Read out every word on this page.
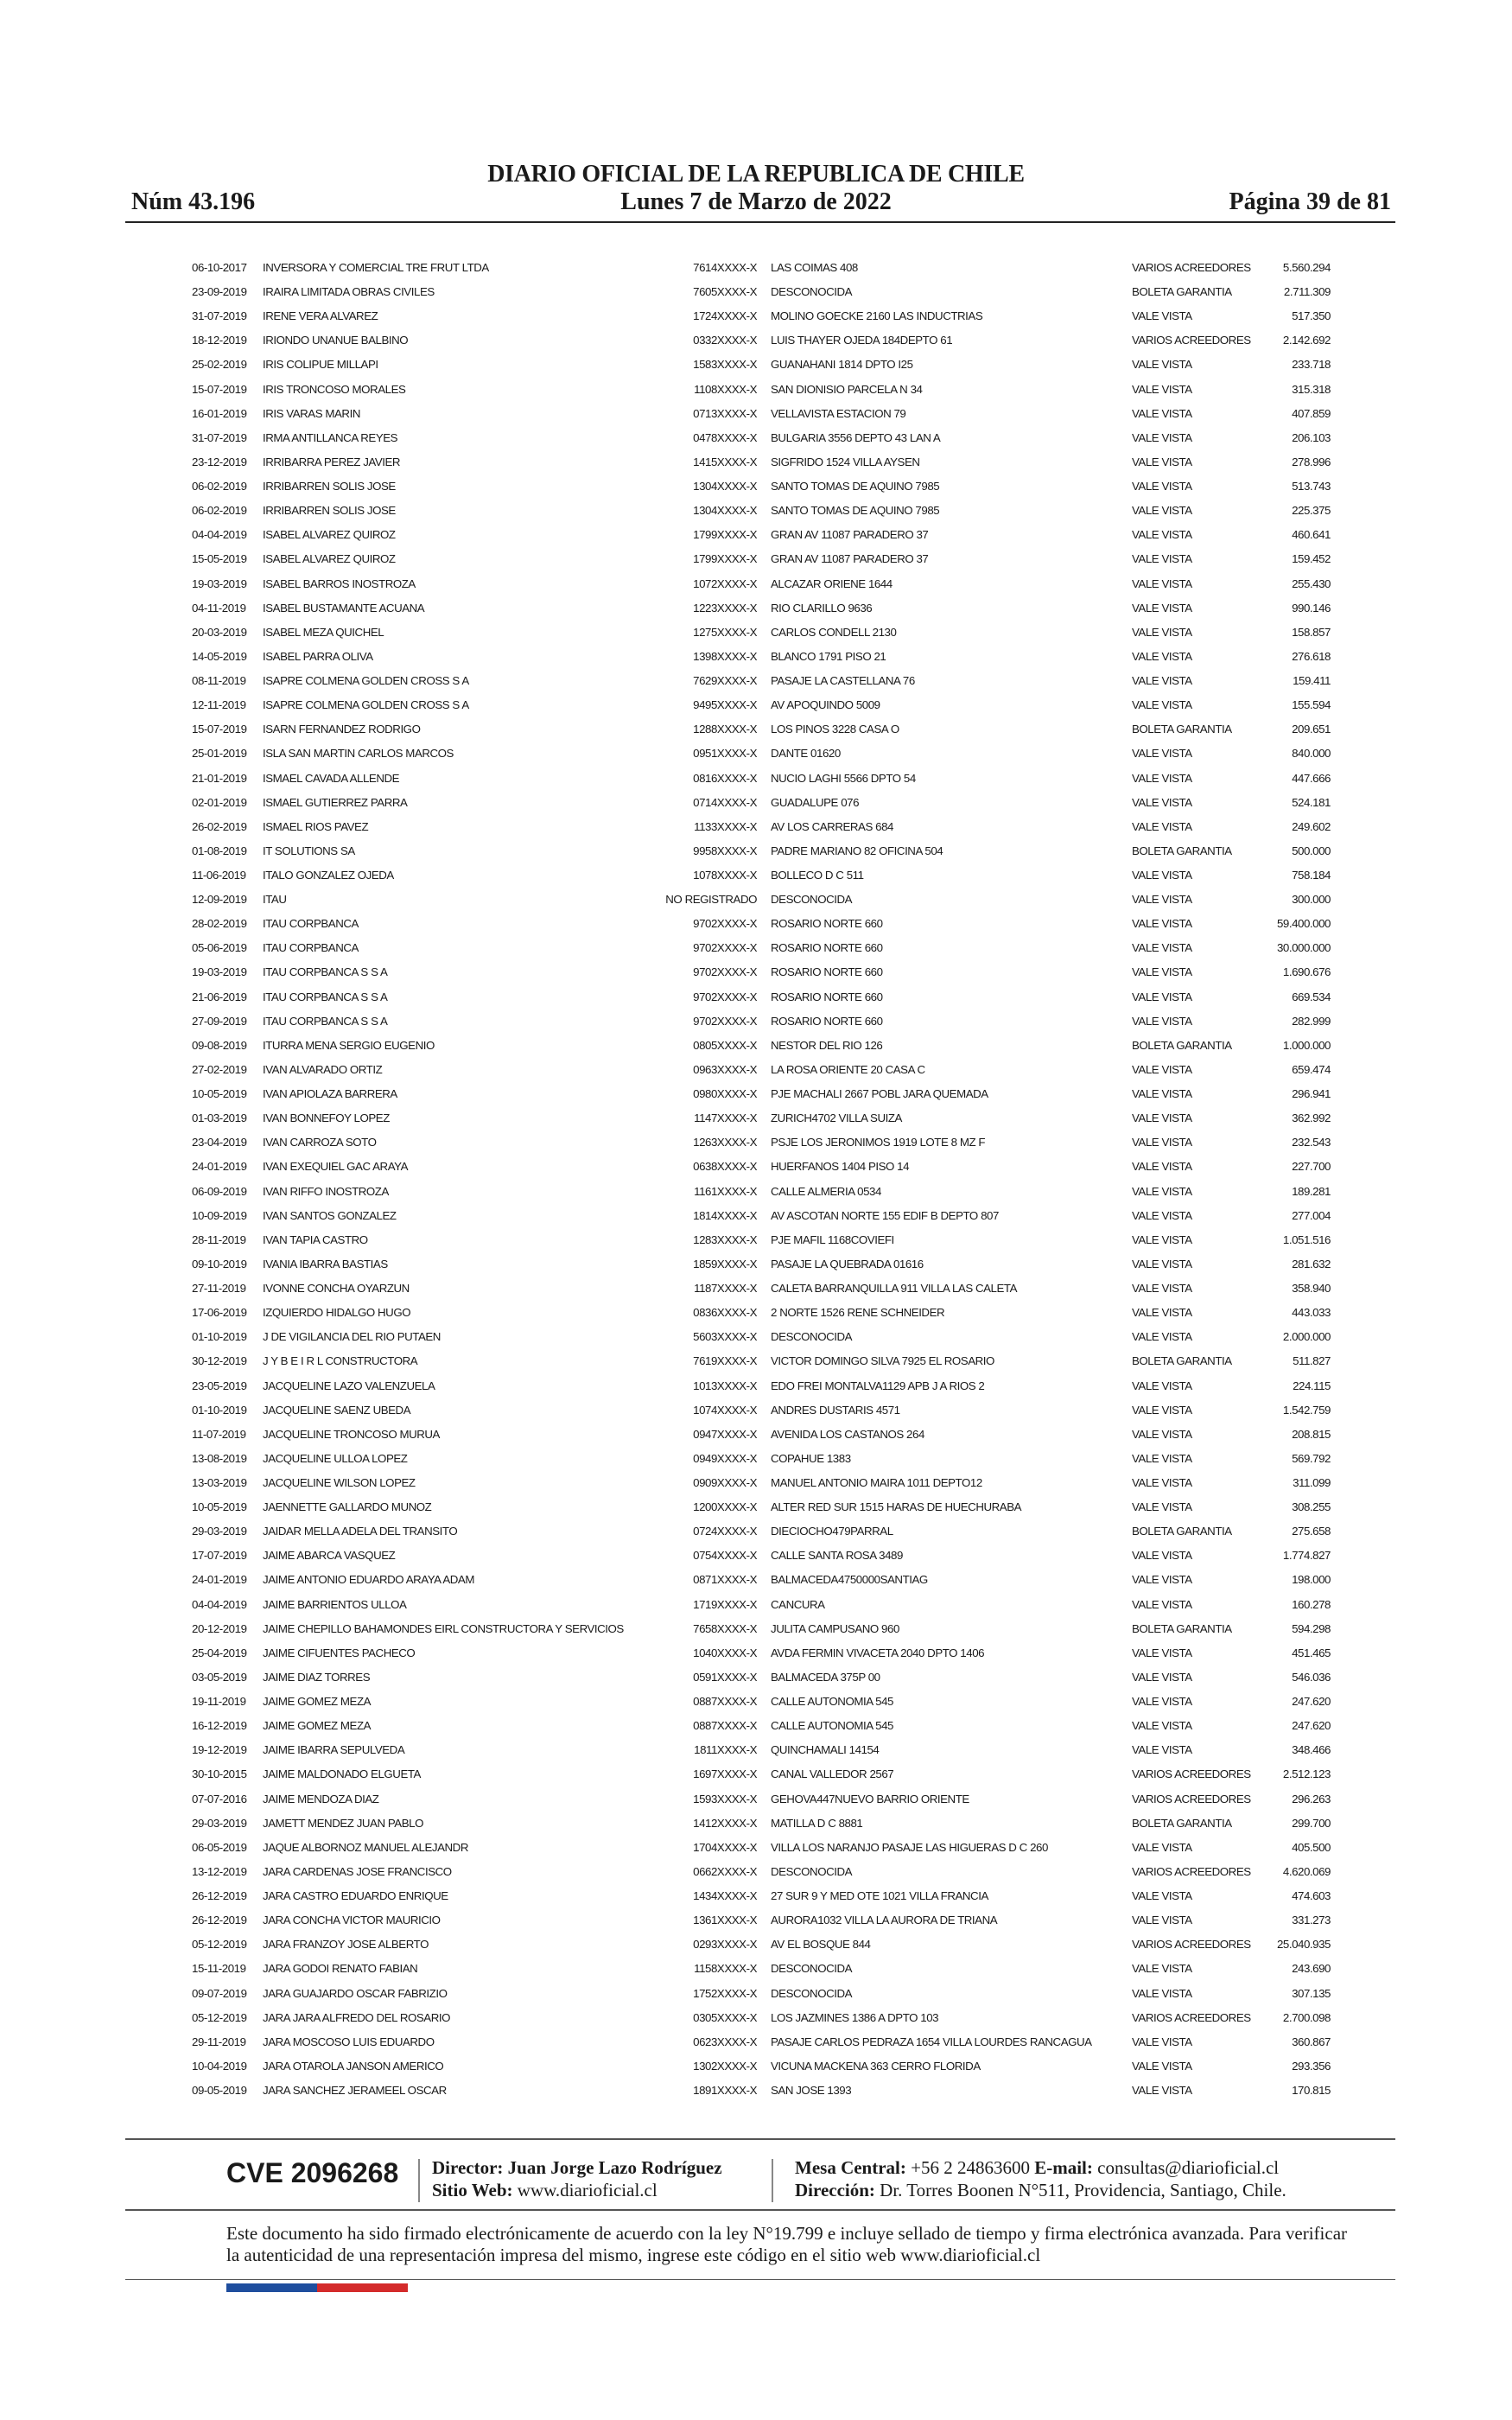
DIARIO OFICIAL DE LA REPUBLICA DE CHILE
Núm 43.196	Lunes 7 de Marzo de 2022	Página 39 de 81
06-10-2017 INVERSORA Y COMERCIAL TRE FRUT LTDA	7614XXXX-X LAS COIMAS 408	VARIOS ACREEDORES	5.560.294
23-09-2019 IRAIRA LIMITADA OBRAS CIVILES	7605XXXX-X DESCONOCIDA	BOLETA GARANTIA	2.711.309
31-07-2019 IRENE VERA ALVAREZ	1724XXXX-X MOLINO GOECKE 2160 LAS INDUCTRIAS	VALE VISTA	517.350
18-12-2019 IRIONDO UNANUE BALBINO	0332XXXX-X LUIS THAYER OJEDA 184DEPTO 61	VARIOS ACREEDORES	2.142.692
25-02-2019 IRIS COLIPUE MILLAPI	1583XXXX-X GUANAHANI 1814 DPTO I25	VALE VISTA	233.718
15-07-2019 IRIS TRONCOSO MORALES	1108XXXX-X SAN DIONISIO PARCELA N 34	VALE VISTA	315.318
16-01-2019 IRIS VARAS MARIN	0713XXXX-X VELLAVISTA ESTACION 79	VALE VISTA	407.859
31-07-2019 IRMA ANTILLANCA REYES	0478XXXX-X BULGARIA 3556 DEPTO 43 LAN A	VALE VISTA	206.103
23-12-2019 IRRIBARRA PEREZ JAVIER	1415XXXX-X SIGFRIDO 1524 VILLA AYSEN	VALE VISTA	278.996
06-02-2019 IRRIBARREN SOLIS JOSE	1304XXXX-X SANTO TOMAS DE AQUINO 7985	VALE VISTA	513.743
06-02-2019 IRRIBARREN SOLIS JOSE	1304XXXX-X SANTO TOMAS DE AQUINO 7985	VALE VISTA	225.375
04-04-2019 ISABEL ALVAREZ QUIROZ	1799XXXX-X GRAN AV 11087 PARADERO 37	VALE VISTA	460.641
15-05-2019 ISABEL ALVAREZ QUIROZ	1799XXXX-X GRAN AV 11087 PARADERO 37	VALE VISTA	159.452
19-03-2019 ISABEL BARROS INOSTROZA	1072XXXX-X ALCAZAR ORIENE 1644	VALE VISTA	255.430
04-11-2019 ISABEL BUSTAMANTE ACUANA	1223XXXX-X RIO CLARILLO 9636	VALE VISTA	990.146
20-03-2019 ISABEL MEZA QUICHEL	1275XXXX-X CARLOS CONDELL 2130	VALE VISTA	158.857
14-05-2019 ISABEL PARRA OLIVA	1398XXXX-X BLANCO 1791 PISO 21	VALE VISTA	276.618
08-11-2019 ISAPRE COLMENA GOLDEN CROSS S A	7629XXXX-X PASAJE LA CASTELLANA 76	VALE VISTA	159.411
12-11-2019 ISAPRE COLMENA GOLDEN CROSS S A	9495XXXX-X AV APOQUINDO 5009	VALE VISTA	155.594
15-07-2019 ISARN FERNANDEZ RODRIGO	1288XXXX-X LOS PINOS 3228 CASA O	BOLETA GARANTIA	209.651
25-01-2019 ISLA SAN MARTIN CARLOS MARCOS	0951XXXX-X DANTE 01620	VALE VISTA	840.000
21-01-2019 ISMAEL CAVADA ALLENDE	0816XXXX-X NUCIO LAGHI 5566 DPTO 54	VALE VISTA	447.666
02-01-2019 ISMAEL GUTIERREZ PARRA	0714XXXX-X GUADALUPE 076	VALE VISTA	524.181
26-02-2019 ISMAEL RIOS PAVEZ	1133XXXX-X AV LOS CARRERAS 684	VALE VISTA	249.602
01-08-2019 IT SOLUTIONS SA	9958XXXX-X PADRE MARIANO 82 OFICINA 504	BOLETA GARANTIA	500.000
11-06-2019 ITALO GONZALEZ OJEDA	1078XXXX-X BOLLECO D C 511	VALE VISTA	758.184
12-09-2019 ITAU	NO REGISTRADO DESCONOCIDA	VALE VISTA	300.000
28-02-2019 ITAU CORPBANCA	9702XXXX-X ROSARIO NORTE 660	VALE VISTA	59.400.000
05-06-2019 ITAU CORPBANCA	9702XXXX-X ROSARIO NORTE 660	VALE VISTA	30.000.000
19-03-2019 ITAU CORPBANCA S S A	9702XXXX-X ROSARIO NORTE 660	VALE VISTA	1.690.676
21-06-2019 ITAU CORPBANCA S S A	9702XXXX-X ROSARIO NORTE 660	VALE VISTA	669.534
27-09-2019 ITAU CORPBANCA S S A	9702XXXX-X ROSARIO NORTE 660	VALE VISTA	282.999
09-08-2019 ITURRA MENA SERGIO EUGENIO	0805XXXX-X NESTOR DEL RIO 126	BOLETA GARANTIA	1.000.000
27-02-2019 IVAN ALVARADO ORTIZ	0963XXXX-X LA ROSA ORIENTE 20 CASA C	VALE VISTA	659.474
10-05-2019 IVAN APIOLAZA BARRERA	0980XXXX-X PJE MACHALI 2667 POBL JARA QUEMADA	VALE VISTA	296.941
01-03-2019 IVAN BONNEFOY LOPEZ	1147XXXX-X ZURICH4702 VILLA SUIZA	VALE VISTA	362.992
23-04-2019 IVAN CARROZA SOTO	1263XXXX-X PSJE LOS JERONIMOS 1919 LOTE 8 MZ F	VALE VISTA	232.543
24-01-2019 IVAN EXEQUIEL GAC ARAYA	0638XXXX-X HUERFANOS 1404 PISO 14	VALE VISTA	227.700
06-09-2019 IVAN RIFFO INOSTROZA	1161XXXX-X CALLE ALMERIA 0534	VALE VISTA	189.281
10-09-2019 IVAN SANTOS GONZALEZ	1814XXXX-X AV ASCOTAN NORTE 155 EDIF B DEPTO 807	VALE VISTA	277.004
28-11-2019 IVAN TAPIA CASTRO	1283XXXX-X PJE MAFIL 1168COVIEFI	VALE VISTA	1.051.516
09-10-2019 IVANIA IBARRA BASTIAS	1859XXXX-X PASAJE LA QUEBRADA 01616	VALE VISTA	281.632
27-11-2019 IVONNE CONCHA OYARZUN	1187XXXX-X CALETA BARRANQUILLA 911 VILLA LAS CALETA	VALE VISTA	358.940
17-06-2019 IZQUIERDO HIDALGO HUGO	0836XXXX-X 2 NORTE 1526 RENE SCHNEIDER	VALE VISTA	443.033
01-10-2019 J DE VIGILANCIA DEL RIO PUTAEN	5603XXXX-X DESCONOCIDA	VALE VISTA	2.000.000
30-12-2019 J Y B E I R L CONSTRUCTORA	7619XXXX-X VICTOR DOMINGO SILVA 7925 EL ROSARIO	BOLETA GARANTIA	511.827
23-05-2019 JACQUELINE LAZO VALENZUELA	1013XXXX-X EDO FREI MONTALVA1129 APB J A RIOS 2	VALE VISTA	224.115
01-10-2019 JACQUELINE SAENZ UBEDA	1074XXXX-X ANDRES DUSTARIS 4571	VALE VISTA	1.542.759
11-07-2019 JACQUELINE TRONCOSO MURUA	0947XXXX-X AVENIDA LOS CASTANOS 264	VALE VISTA	208.815
13-08-2019 JACQUELINE ULLOA LOPEZ	0949XXXX-X COPAHUE 1383	VALE VISTA	569.792
13-03-2019 JACQUELINE WILSON LOPEZ	0909XXXX-X MANUEL ANTONIO MAIRA 1011 DEPTO12	VALE VISTA	311.099
10-05-2019 JAENNETTE GALLARDO MUNOZ	1200XXXX-X ALTER RED SUR 1515 HARAS DE HUECHURABA	VALE VISTA	308.255
29-03-2019 JAIDAR MELLA ADELA DEL TRANSITO	0724XXXX-X DIECIOCHO479PARRAL	BOLETA GARANTIA	275.658
17-07-2019 JAIME ABARCA VASQUEZ	0754XXXX-X CALLE SANTA ROSA 3489	VALE VISTA	1.774.827
24-01-2019 JAIME ANTONIO EDUARDO ARAYA ADAM	0871XXXX-X BALMACEDA4750000SANTIAG	VALE VISTA	198.000
04-04-2019 JAIME BARRIENTOS ULLOA	1719XXXX-X CANCURA	VALE VISTA	160.278
20-12-2019 JAIME CHEPILLO BAHAMONDES EIRL CONSTRUCTORA Y SERVICIOS	7658XXXX-X JULITA CAMPUSANO 960	BOLETA GARANTIA	594.298
25-04-2019 JAIME CIFUENTES PACHECO	1040XXXX-X AVDA FERMIN VIVACETA 2040 DPTO 1406	VALE VISTA	451.465
03-05-2019 JAIME DIAZ TORRES	0591XXXX-X BALMACEDA 375P 00	VALE VISTA	546.036
19-11-2019 JAIME GOMEZ MEZA	0887XXXX-X CALLE AUTONOMIA 545	VALE VISTA	247.620
16-12-2019 JAIME GOMEZ MEZA	0887XXXX-X CALLE AUTONOMIA 545	VALE VISTA	247.620
19-12-2019 JAIME IBARRA SEPULVEDA	1811XXXX-X QUINCHAMALI 14154	VALE VISTA	348.466
30-10-2015 JAIME MALDONADO ELGUETA	1697XXXX-X CANAL VALLEDOR 2567	VARIOS ACREEDORES	2.512.123
07-07-2016 JAIME MENDOZA DIAZ	1593XXXX-X GEHOVA447NUEVO BARRIO ORIENTE	VARIOS ACREEDORES	296.263
29-03-2019 JAMETT MENDEZ JUAN PABLO	1412XXXX-X MATILLA D C 8881	BOLETA GARANTIA	299.700
06-05-2019 JAQUE ALBORNOZ MANUEL ALEJANDR	1704XXXX-X VILLA LOS NARANJO PASAJE LAS HIGUERAS D C 260	VALE VISTA	405.500
13-12-2019 JARA CARDENAS JOSE FRANCISCO	0662XXXX-X DESCONOCIDA	VARIOS ACREEDORES	4.620.069
26-12-2019 JARA CASTRO EDUARDO ENRIQUE	1434XXXX-X 27 SUR 9 Y MED OTE 1021 VILLA FRANCIA	VALE VISTA	474.603
26-12-2019 JARA CONCHA VICTOR MAURICIO	1361XXXX-X AURORA1032 VILLA LA AURORA DE TRIANA	VALE VISTA	331.273
05-12-2019 JARA FRANZOY JOSE ALBERTO	0293XXXX-X AV EL BOSQUE 844	VARIOS ACREEDORES	25.040.935
15-11-2019 JARA GODOI RENATO FABIAN	1158XXXX-X DESCONOCIDA	VALE VISTA	243.690
09-07-2019 JARA GUAJARDO OSCAR FABRIZIO	1752XXXX-X DESCONOCIDA	VALE VISTA	307.135
05-12-2019 JARA JARA ALFREDO DEL ROSARIO	0305XXXX-X LOS JAZMINES 1386 A DPTO 103	VARIOS ACREEDORES	2.700.098
29-11-2019 JARA MOSCOSO LUIS EDUARDO	0623XXXX-X PASAJE CARLOS PEDRAZA 1654 VILLA LOURDES RANCAGUA	VALE VISTA	360.867
10-04-2019 JARA OTAROLA JANSON AMERICO	1302XXXX-X VICUNA MACKENA 363 CERRO FLORIDA	VALE VISTA	293.356
09-05-2019 JARA SANCHEZ JERAMEEL OSCAR	1891XXXX-X SAN JOSE 1393	VALE VISTA	170.815
CVE 2096268 Director: Juan Jorge Lazo Rodríguez
Sitio Web: www.diarioficial.cl
Mesa Central: +56 2 24863600 E-mail: consultas@diarioficial.cl
Dirección: Dr. Torres Boonen N°511, Providencia, Santiago, Chile.
Este documento ha sido firmado electrónicamente de acuerdo con la ley N°19.799 e incluye sellado de tiempo y firma electrónica avanzada. Para verificar la autenticidad de una representación impresa del mismo, ingrese este código en el sitio web www.diarioficial.cl
